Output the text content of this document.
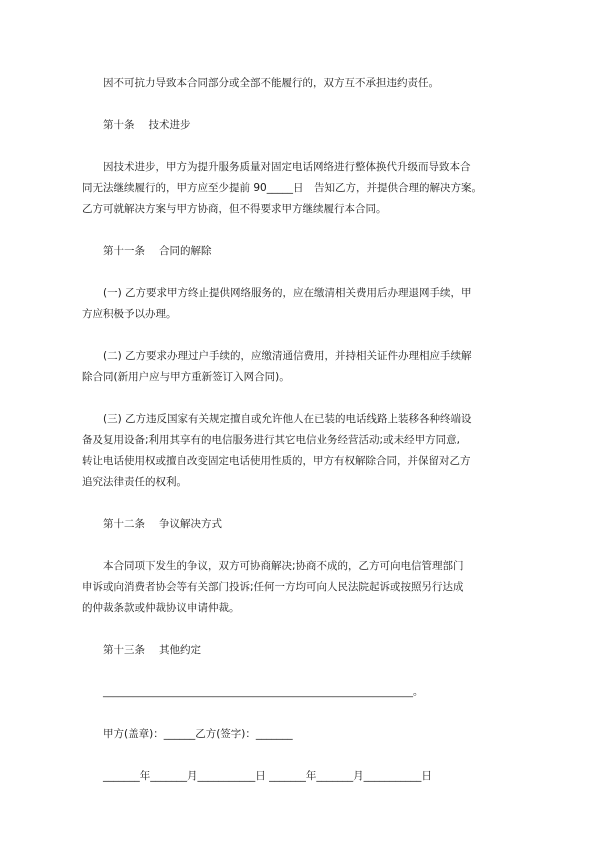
因不可抗力导致本合同部分或全部不能履行的，双方互不承担违约责任。
第十条 技术进步
因技术进步，甲方为提升服务质量对固定电话网络进行整体换代升级而导致本合
同无法继续履行的，甲方应至少提前 90_____日　告知乙方，并提供合理的解决方案。
乙方可就解决方案与甲方协商，但不得要求甲方继续履行本合同。
第十一条 合同的解除
(一) 乙方要求甲方终止提供网络服务的，应在缴清相关费用后办理退网手续，甲
方应积极予以办理。
(二) 乙方要求办理过户手续的，应缴清通信费用，并持相关证件办理相应手续解
除合同(新用户应与甲方重新签订入网合同)。
(三) 乙方违反国家有关规定擅自或允许他人在已装的电话线路上装移各种终端设
备及复用设备;利用其享有的电信服务进行其它电信业务经营活动;或未经甲方同意,
转让电话使用权或擅自改变固定电话使用性质的，甲方有权解除合同，并保留对乙方
追究法律责任的权利。
第十二条 争议解决方式
本合同项下发生的争议，双方可协商解决;协商不成的，乙方可向电信管理部门
申诉或向消费者协会等有关部门投诉;任何一方均可向人民法院起诉或按照另行达成
的仲裁条款或仲裁协议申请仲裁。
第十三条 其他约定
______________________________________________________________。
甲方(盖章)：______乙方(签字)：_______
_______年_______月___________日 _______年_______月___________日
